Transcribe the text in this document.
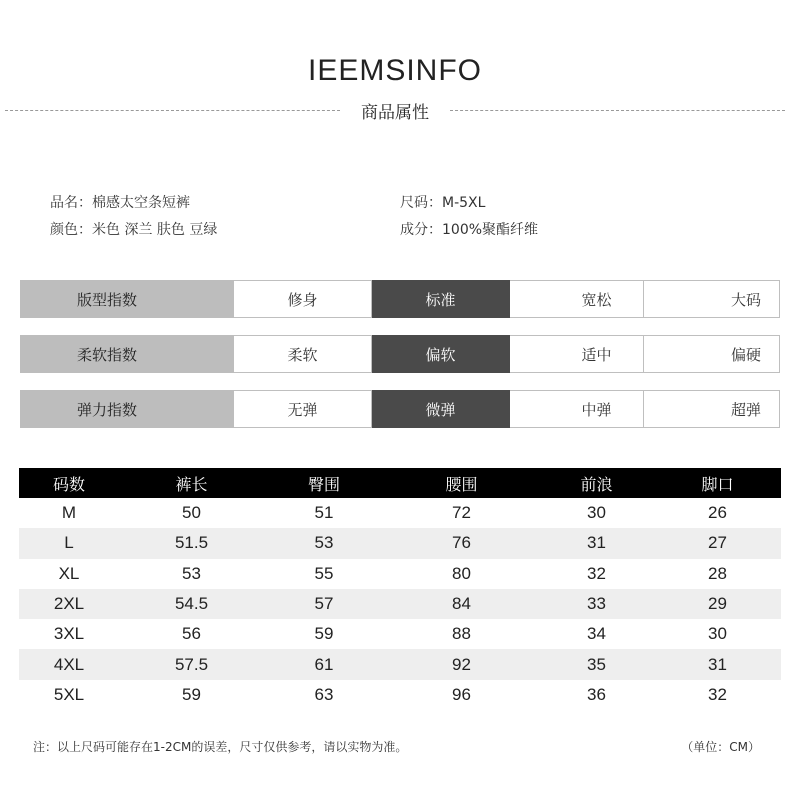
IEEMSINFO
商品属性
品名：棉感太空条短裤
颜色：米色 深兰 肤色 豆绿
尺码：M-5XL
成分：100%聚酯纤维
版型指数	修身	标准	宽松	大码
柔软指数	柔软	偏软	适中	偏硬
弹力指数	无弹	微弹	中弹	超弹
码数	裤长	臀围	腰围	前浪	脚口
M	50	51	72	30	26
L	51.5	53	76	31	27
XL	53	55	80	32	28
2XL	54.5	57	84	33	29
3XL	56	59	88	34	30
4XL	57.5	61	92	35	31
5XL	59	63	96	36	32
注：以上尺码可能存在1-2CM的误差，尺寸仅供参考，请以实物为准。	（单位：CM）
